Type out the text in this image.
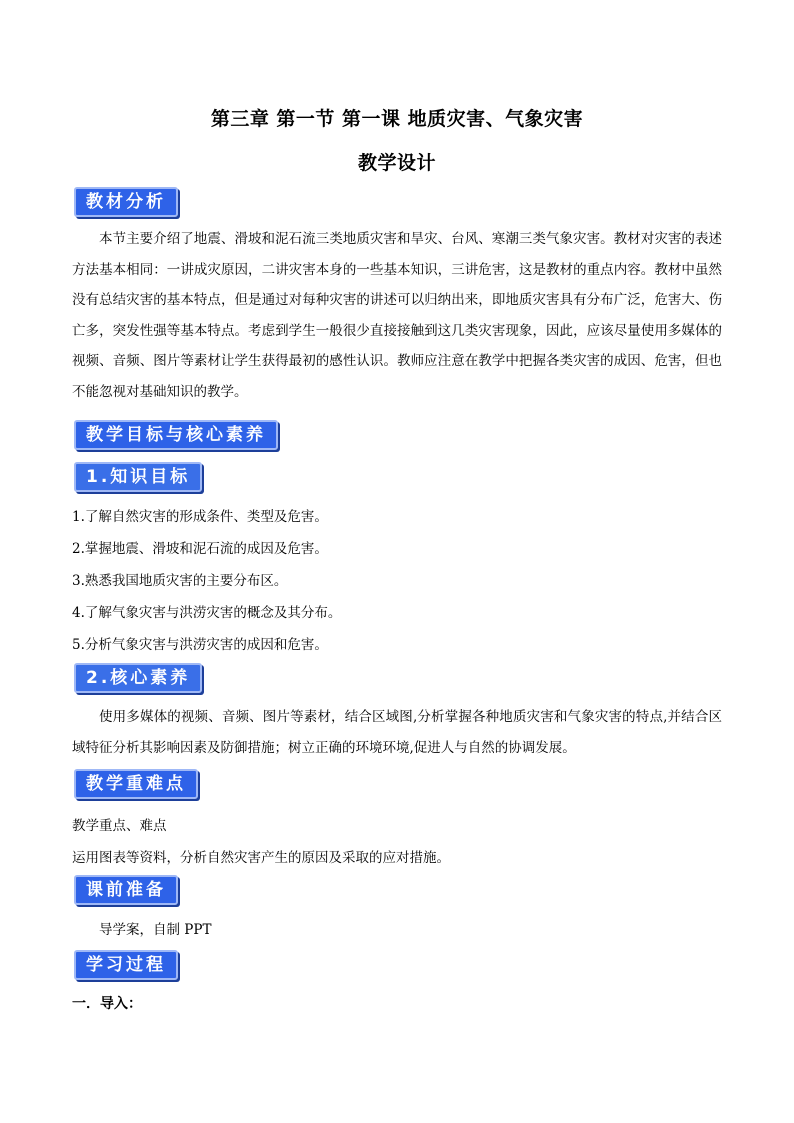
第三章 第一节 第一课 地质灾害、气象灾害
教学设计
教材分析
本节主要介绍了地震、滑坡和泥石流三类地质灾害和旱灾、台风、寒潮三类气象灾害。教材对灾害的表述方法基本相同：一讲成灾原因，二讲灾害本身的一些基本知识，三讲危害，这是教材的重点内容。教材中虽然没有总结灾害的基本特点，但是通过对每种灾害的讲述可以归纳出来，即地质灾害具有分布广泛，危害大、伤亡多，突发性强等基本特点。考虑到学生一般很少直接接触到这几类灾害现象，因此，应该尽量使用多媒体的视频、音频、图片等素材让学生获得最初的感性认识。教师应注意在教学中把握各类灾害的成因、危害，但也不能忽视对基础知识的教学。
教学目标与核心素养
1.知识目标
1.了解自然灾害的形成条件、类型及危害。
2.掌握地震、滑坡和泥石流的成因及危害。
3.熟悉我国地质灾害的主要分布区。
4.了解气象灾害与洪涝灾害的概念及其分布。
5.分析气象灾害与洪涝灾害的成因和危害。
2.核心素养
使用多媒体的视频、音频、图片等素材，结合区域图,分析掌握各种地质灾害和气象灾害的特点,并结合区域特征分析其影响因素及防御措施；树立正确的环境环境,促进人与自然的协调发展。
教学重难点
教学重点、难点
运用图表等资料，分析自然灾害产生的原因及采取的应对措施。
课前准备
导学案，自制 PPT
学习过程
一．导入：
